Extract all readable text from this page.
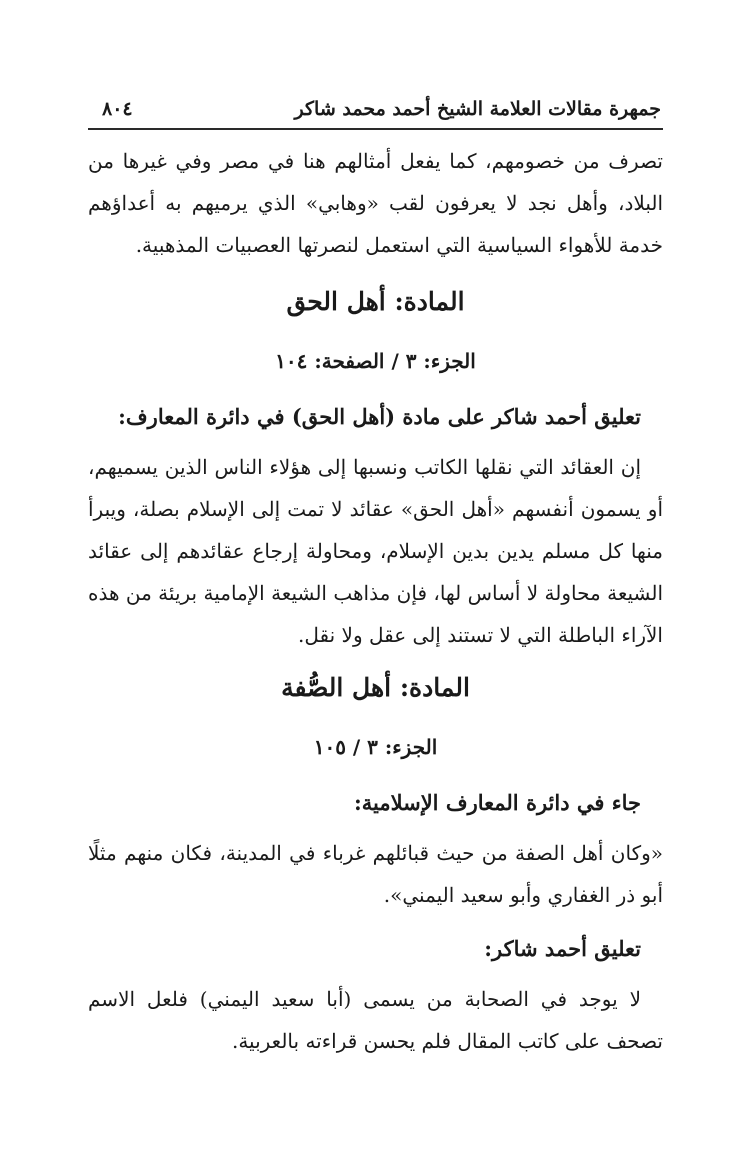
جمهرة مقالات العلامة الشيخ أحمد محمد شاكر
٨٠٤

تصرف من خصومهم، كما يفعل أمثالهم هنا في مصر وفي غيرها من البلاد، وأهل نجد لا يعرفون لقب «وهابي» الذي يرميهم به أعداؤهم خدمة للأهواء السياسية التي استعمل لنصرتها العصبيات المذهبية.

المادة: أهل الحق
الجزء: ٣ / الصفحة: ١٠٤
تعليق أحمد شاكر على مادة (أهل الحق) في دائرة المعارف:

إن العقائد التي نقلها الكاتب ونسبها إلى هؤلاء الناس الذين يسميهم، أو يسمون أنفسهم «أهل الحق» عقائد لا تمت إلى الإسلام بصلة، ويبرأ منها كل مسلم يدين بدين الإسلام، ومحاولة إرجاع عقائدهم إلى عقائد الشيعة محاولة لا أساس لها، فإن مذاهب الشيعة الإمامية بريئة من هذه الآراء الباطلة التي لا تستند إلى عقل ولا نقل.

المادة: أهل الصُّفة
الجزء: ٣ / ١٠٥
جاء في دائرة المعارف الإسلامية:

«وكان أهل الصفة من حيث قبائلهم غرباء في المدينة، فكان منهم مثلًا أبو ذر الغفاري وأبو سعيد اليمني».

تعليق أحمد شاكر:

لا يوجد في الصحابة من يسمى (أبا سعيد اليمني) فلعل الاسم تصحف على كاتب المقال فلم يحسن قراءته بالعربية.
